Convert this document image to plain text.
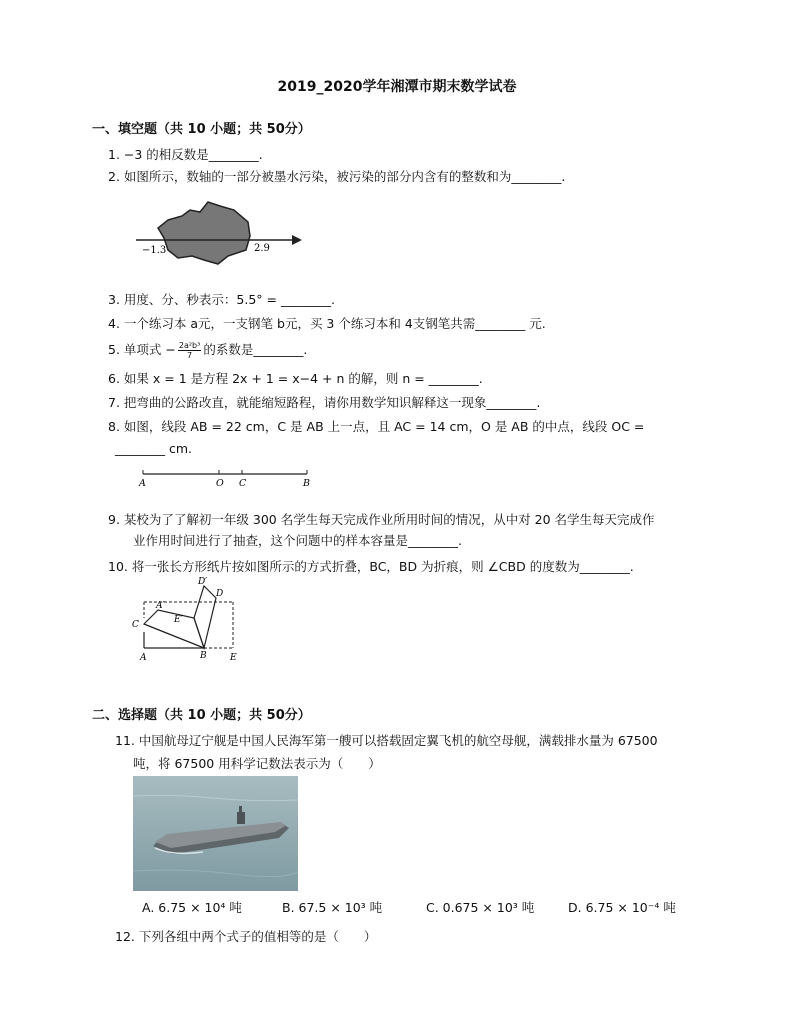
2019_2020学年湘潭市期末数学试卷
一、填空题（共 10 小题；共 50分）
1. −3 的相反数是________.
2. 如图所示，数轴的一部分被墨水污染，被污染的部分内含有的整数和为________.
−1.3	2.9
3. 用度、分、秒表示：5.5° = ________.
4. 一个练习本 a元，一支钢笔 b元，买 3 个练习本和 4支钢笔共需________ 元.
5. 单项式 − $\frac{\text{2a²b³}}{7}$ 的系数是________.
6. 如果 x = 1 是方程 2x + 1 = x−4 + n 的解，则 n = ________.
7. 把弯曲的公路改直，就能缩短路程，请你用数学知识解释这一现象________.
8. 如图，线段 AB = 22 cm，C 是 AB 上一点，且 AC = 14 cm，O 是 AB 的中点，线段 OC =
________ cm.
A	O C	B
9. 某校为了了解初一年级 300 名学生每天完成作业所用时间的情况，从中对 20 名学生每天完成作
业作用时间进行了抽查，这个问题中的样本容量是________.
10. 将一张长方形纸片按如图所示的方式折叠，BC，BD 为折痕，则 ∠CBD 的度数为________.
D′
D
A′
E′
C
A	B	E
二、选择题（共 10 小题；共 50分）
11. 中国航母辽宁舰是中国人民海军第一艘可以搭载固定翼飞机的航空母舰，满载排水量为 67500
吨，将 67500 用科学记数法表示为（　　）
A. 6.75 × 10⁴ 吨	B. 67.5 × 10³ 吨	C. 0.675 × 10³ 吨	D. 6.75 × 10⁻⁴ 吨
12. 下列各组中两个式子的值相等的是（　　）
